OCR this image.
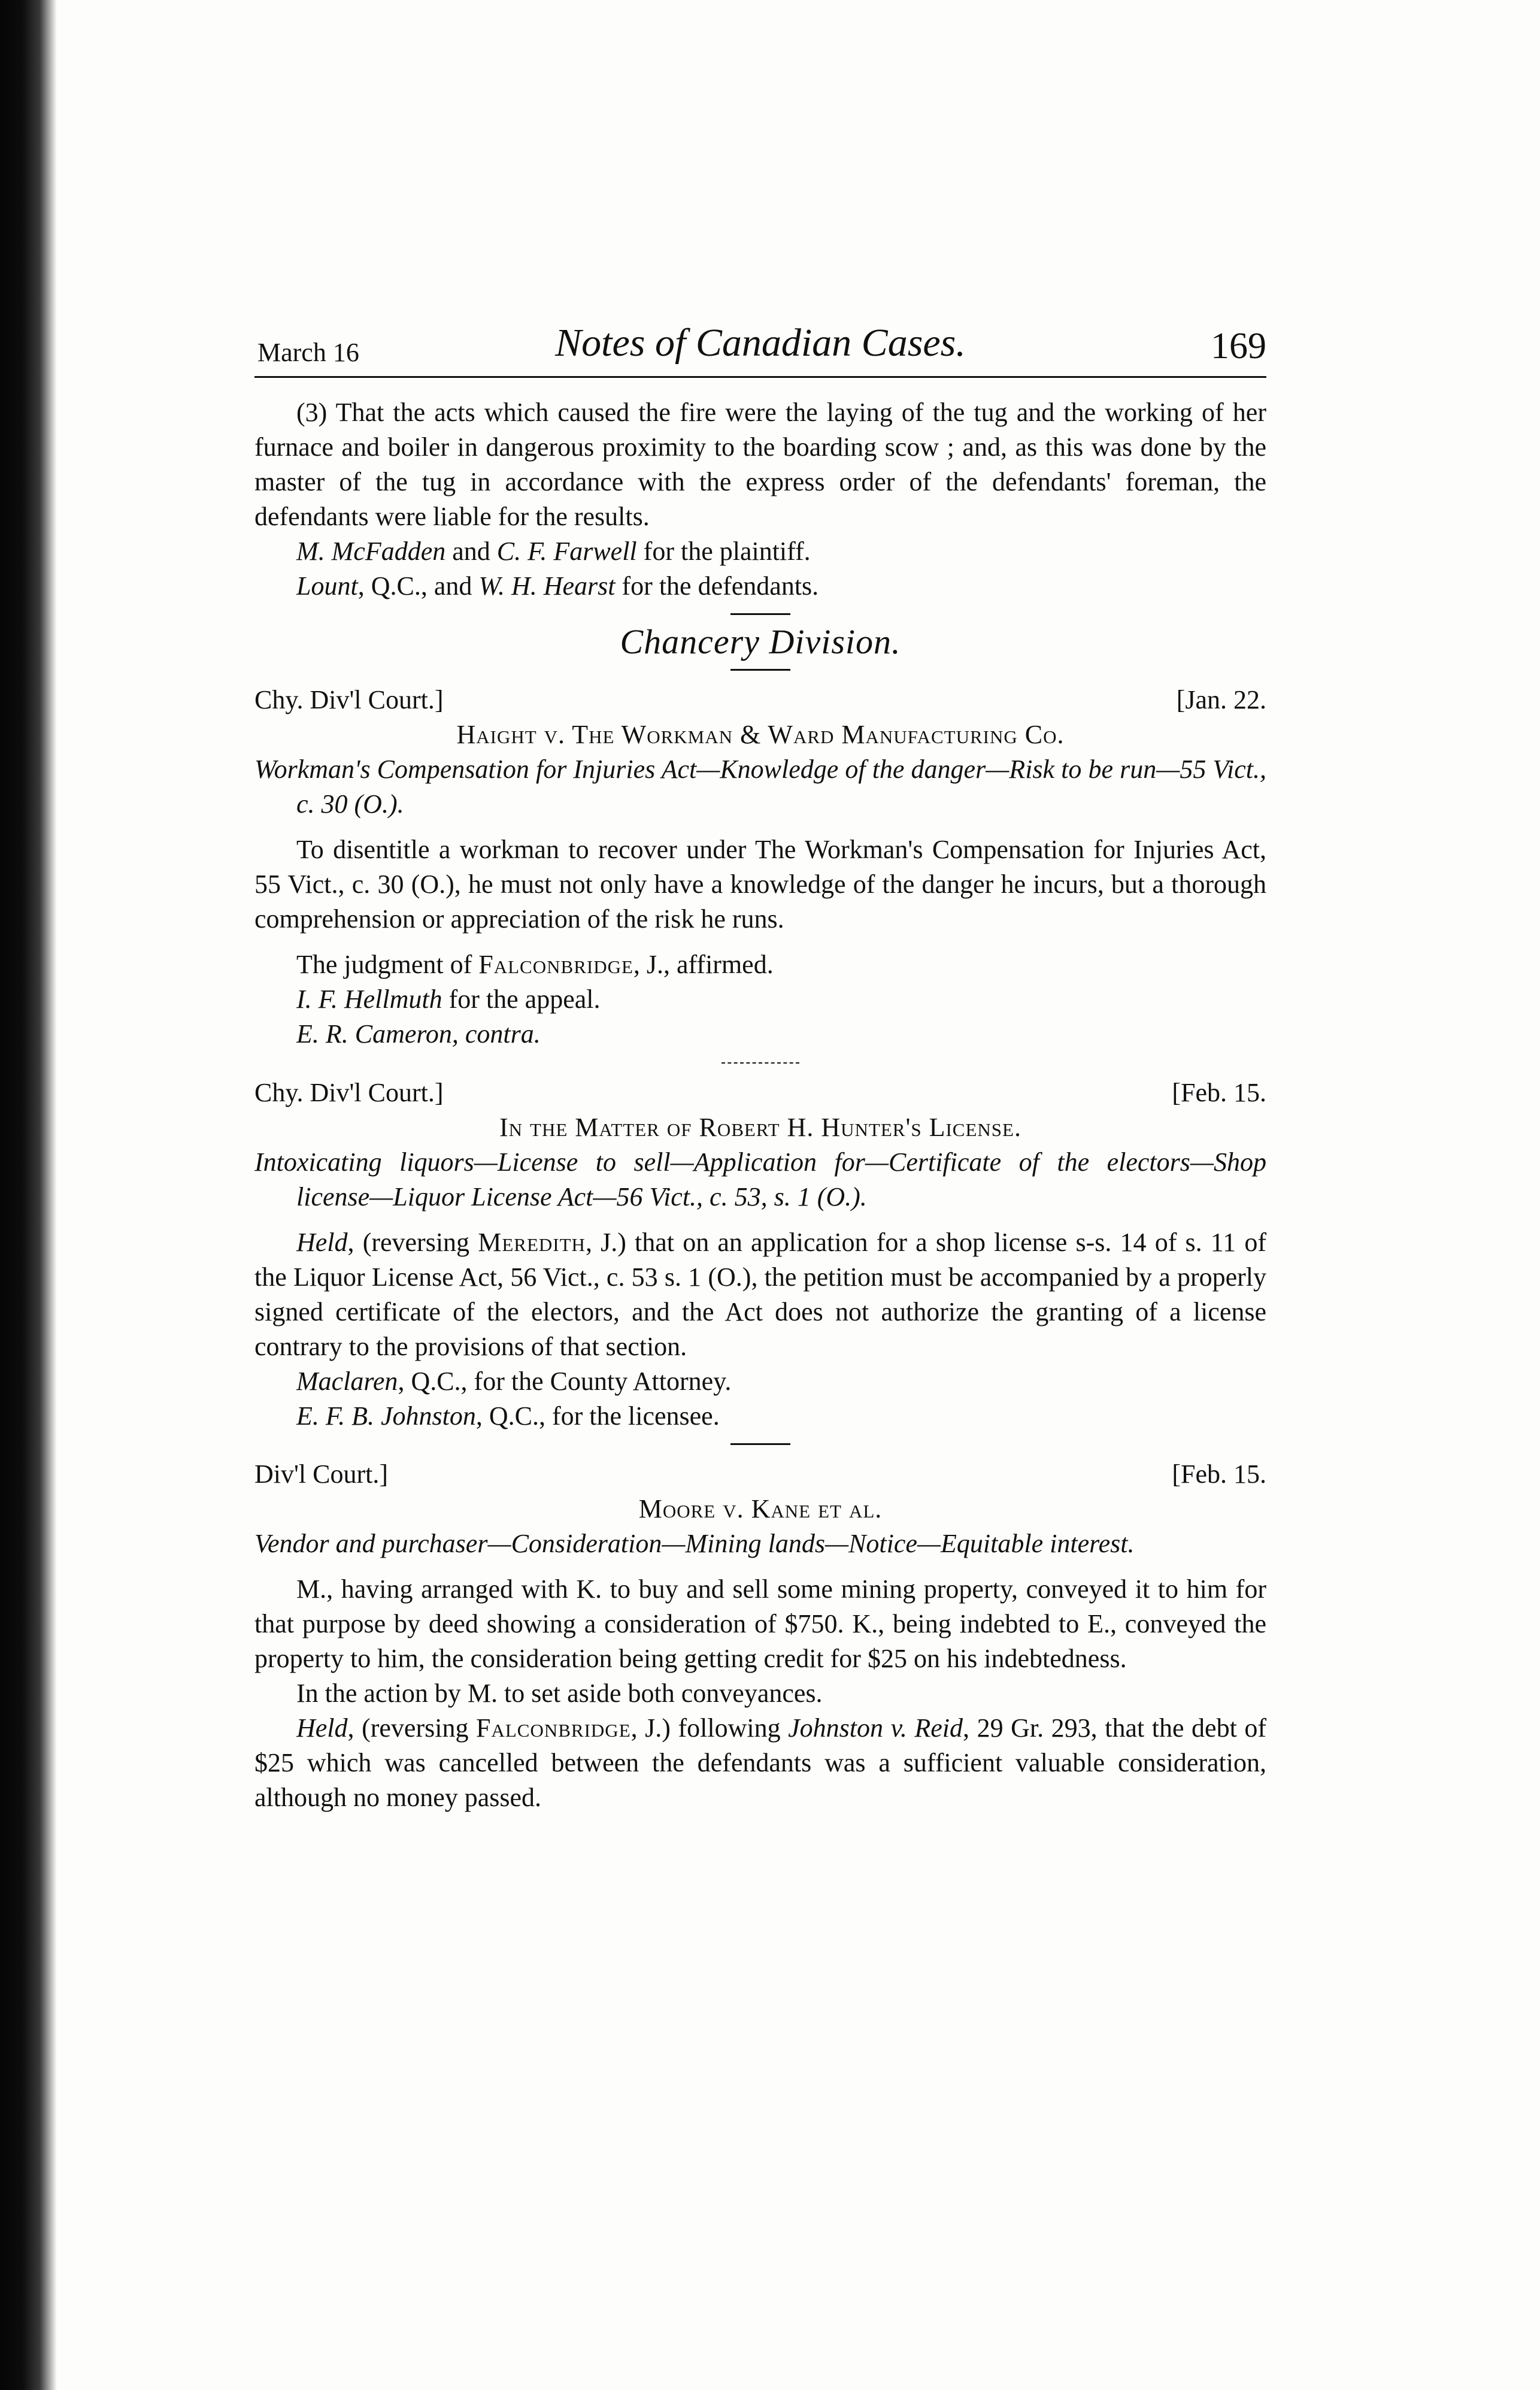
March 16	Notes of Canadian Cases.	169

(3) That the acts which caused the fire were the laying of the tug and the working of her furnace and boiler in dangerous proximity to the boarding scow ; and, as this was done by the master of the tug in accordance with the express order of the defendants' foreman, the defendants were liable for the results.

M. McFadden and C. F. Farwell for the plaintiff.

Lount, Q.C., and W. H. Hearst for the defendants.

Chancery Division.

Chy. Div'l Court.]	[Jan. 22.

Haight v. The Workman & Ward Manufacturing Co.

Workman's Compensation for Injuries Act—Knowledge of the danger—Risk to be run—55 Vict., c. 30 (O.).

To disentitle a workman to recover under The Workman's Compensation for Injuries Act, 55 Vict., c. 30 (O.), he must not only have a knowledge of the danger he incurs, but a thorough comprehension or appreciation of the risk he runs.

The judgment of Falconbridge, J., affirmed.

I. F. Hellmuth for the appeal.

E. R. Cameron, contra.

Chy. Div'l Court.]	[Feb. 15.

In the Matter of Robert H. Hunter's License.

Intoxicating liquors—License to sell—Application for—Certificate of the electors—Shop license—Liquor License Act—56 Vict., c. 53, s. 1 (O.).

Held, (reversing Meredith, J.) that on an application for a shop license s-s. 14 of s. 11 of the Liquor License Act, 56 Vict., c. 53 s. 1 (O.), the petition must be accompanied by a properly signed certificate of the electors, and the Act does not authorize the granting of a license contrary to the provisions of that section.

Maclaren, Q.C., for the County Attorney.

E. F. B. Johnston, Q.C., for the licensee.

Div'l Court.]	[Feb. 15.

Moore v. Kane et al.

Vendor and purchaser—Consideration—Mining lands—Notice—Equitable interest.

M., having arranged with K. to buy and sell some mining property, conveyed it to him for that purpose by deed showing a consideration of $750. K., being indebted to E., conveyed the property to him, the consideration being getting credit for $25 on his indebtedness.

In the action by M. to set aside both conveyances.

Held, (reversing Falconbridge, J.) following Johnston v. Reid, 29 Gr. 293, that the debt of $25 which was cancelled between the defendants was a sufficient valuable consideration, although no money passed.
